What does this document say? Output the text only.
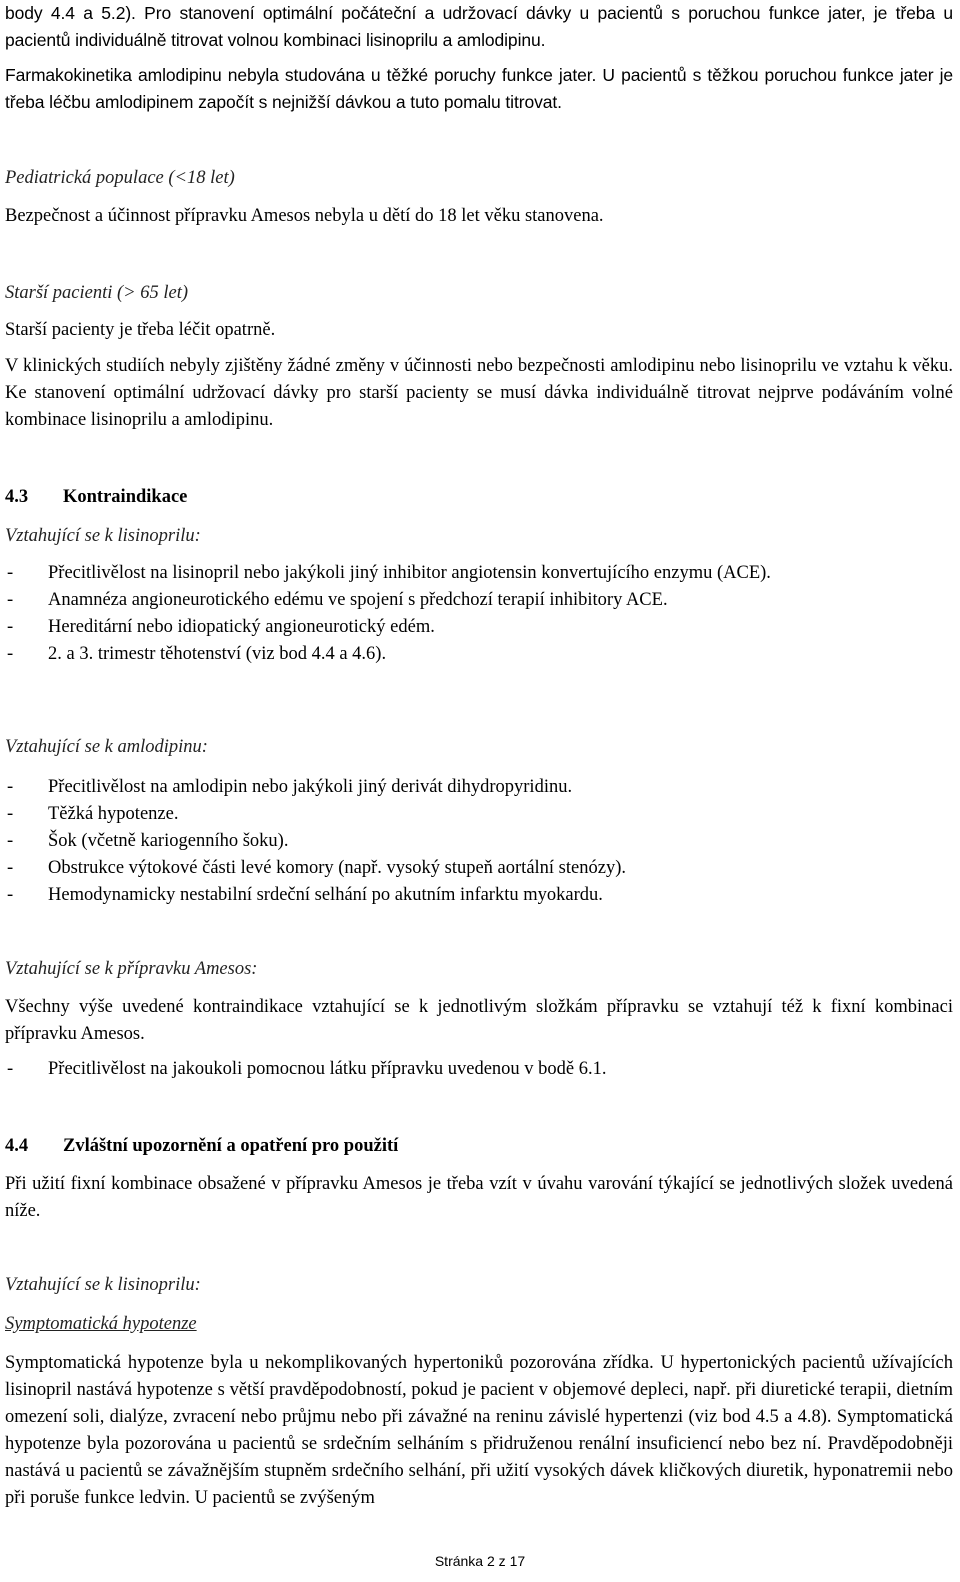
body 4.4 a 5.2). Pro stanovení optimální počáteční a udržovací dávky u pacientů s poruchou funkce jater, je třeba u pacientů individuálně titrovat volnou kombinaci lisinoprilu a amlodipinu.

Farmakokinetika amlodipinu nebyla studována u těžké poruchy funkce jater. U pacientů s těžkou poruchou funkce jater je třeba léčbu amlodipinem započít s nejnižší dávkou a tuto pomalu titrovat.

Pediatrická populace (<18 let)

Bezpečnost a účinnost přípravku Amesos nebyla u dětí do 18 let věku stanovena.

Starší pacienti (> 65 let)

Starší pacienty je třeba léčit opatrně.

V klinických studiích nebyly zjištěny žádné změny v účinnosti nebo bezpečnosti amlodipinu nebo lisinoprilu ve vztahu k věku. Ke stanovení optimální udržovací dávky pro starší pacienty se musí dávka individuálně titrovat nejprve podáváním volné kombinace lisinoprilu a amlodipinu.

4.3 Kontraindikace

Vztahující se k lisinoprilu:

- Přecitlivělost na lisinopril nebo jakýkoli jiný inhibitor angiotensin konvertujícího enzymu (ACE).
- Anamnéza angioneurotického edému ve spojení s předchozí terapií inhibitory ACE.
- Hereditární nebo idiopatický angioneurotický edém.
- 2. a 3. trimestr těhotenství (viz bod 4.4 a 4.6).

Vztahující se k amlodipinu:

- Přecitlivělost na amlodipin nebo jakýkoli jiný derivát dihydropyridinu.
- Těžká hypotenze.
- Šok (včetně kariogenního šoku).
- Obstrukce výtokové části levé komory (např. vysoký stupeň aortální stenózy).
- Hemodynamicky nestabilní srdeční selhání po akutním infarktu myokardu.

Vztahující se k přípravku Amesos:

Všechny výše uvedené kontraindikace vztahující se k jednotlivým složkám přípravku se vztahují též k fixní kombinaci přípravku Amesos.

- Přecitlivělost na jakoukoli pomocnou látku přípravku uvedenou v bodě 6.1.

4.4 Zvláštní upozornění a opatření pro použití

Při užití fixní kombinace obsažené v přípravku Amesos je třeba vzít v úvahu varování týkající se jednotlivých složek uvedená níže.

Vztahující se k lisinoprilu:

Symptomatická hypotenze

Symptomatická hypotenze byla u nekomplikovaných hypertoniků pozorována zřídka. U hypertonických pacientů užívajících lisinopril nastává hypotenze s větší pravděpodobností, pokud je pacient v objemové depleci, např. při diuretické terapii, dietním omezení soli, dialýze, zvracení nebo průjmu nebo při závažné na reninu závislé hypertenzi (viz bod 4.5 a 4.8). Symptomatická hypotenze byla pozorována u pacientů se srdečním selháním s přidruženou renální insuficiencí nebo bez ní. Pravděpodobněji nastává u pacientů se závažnějším stupněm srdečního selhání, při užití vysokých dávek kličkových diuretik, hyponatremii nebo při poruše funkce ledvin. U pacientů se zvýšeným

Stránka 2 z 17
